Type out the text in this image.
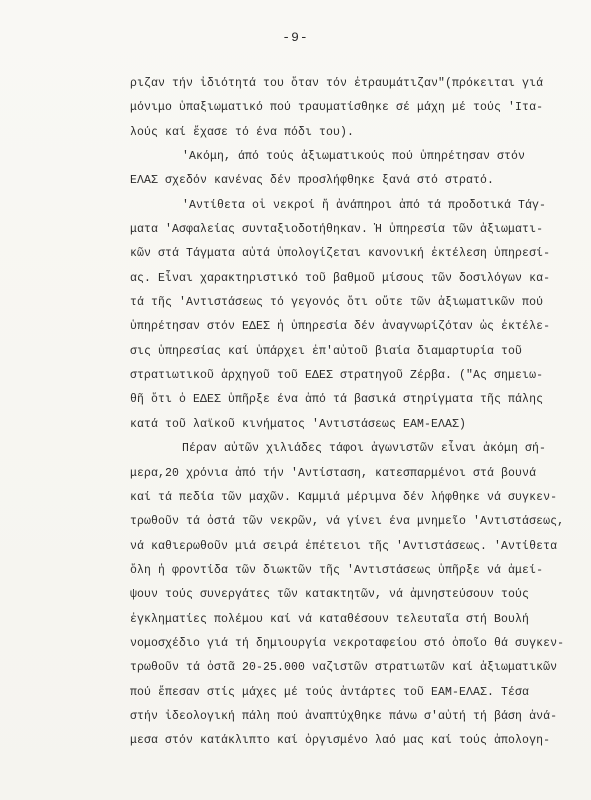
-9-
ριζαν τήν ἰδιότητά του ὅταν τόν ἐτραυμάτιζαν"(πρόκειται γιά
μόνιμο ὑπαξιωματικό πού τραυματίσθηκε σέ μάχη μέ τούς 'Ιτα-
λούς καί ἔχασε τό ένα πόδι του).
'Ακόμη, άπό τούς ἀξιωματικούς πού ὑπηρέτησαν στόν
ΕΛΑΣ σχεδόν κανένας δέν προσλήφθηκε ξανά στό στρατό.
'Αντίθετα οἱ νεκροί ἤ ἀνάπηροι ἀπό τά προδοτικά Τάγ-
ματα 'Ασφαλείας συνταξιοδοτήθηκαν. Ἡ ὑπηρεσία τῶν ἀξιωματι-
κῶν στά Τάγματα αὐτά ὑπολογίζεται κανονική ἐκτέλεση ὑπηρεσί-
ας. Εἶναι χαρακτηριστικό τοῦ βαθμοῦ μίσους τῶν δοσιλόγων κα-
τά τῆς 'Αντιστάσεως τό γεγονός ὅτι οὔτε τῶν ἀξιωματικῶν πού
ὑπηρέτησαν στόν ΕΔΕΣ ἡ ὑπηρεσία δέν ἀναγνωρίζόταν ὡς ἐκτέλε-
σις ὑπηρεσίας καί ὑπάρχει ἐπ'αὐτοῦ βιαία διαμαρτυρία τοῦ
στρατιωτικοῦ ἀρχηγοῦ τοῦ ΕΔΕΣ στρατηγοῦ Ζέρβα. ("Ας σημειω-
θῆ ὅτι ὁ ΕΔΕΣ ὑπῆρξε ένα ἀπό τά βασικά στηρίγματα τῆς πάλης
κατά τοῦ λαϊκοῦ κινήματος 'Αντιστάσεως ΕΑΜ-ΕΛΑΣ)
Πέραν αὐτῶν χιλιάδες τάφοι ἀγωνιστῶν εἶναι ἀκόμη σή-
μερα,20 χρόνια ἀπό τήν 'Αντίσταση, κατεσπαρμένοι στά βουνά
καί τά πεδία τῶν μαχῶν. Καμμιά μέριμνα δέν λήφθηκε νά συγκεν-
τρωθοῦν τά ὀστά τῶν νεκρῶν, νά γίνει ένα μνημεῖο 'Αντιστάσεως,
νά καθιερωθοῦν μιά σειρά ἐπέτειοι τῆς 'Αντιστάσεως. 'Αντίθετα
ὅλη ἡ φροντίδα τῶν διωκτῶν τῆς 'Αντιστάσεως ὑπῆρξε νά ἀμεί-
ψουν τούς συνεργάτες τῶν κατακτητῶν, νά ἀμνηστεύσουν τούς
ἐγκληματίες πολέμου καί νά καταθέσουν τελευταῖα στή Βουλή
νομοσχέδιο γιά τή δημιουργία νεκροταφείου στό ὁποῖο θά συγκεν-
τρωθοῦν τά ὀστᾶ 20-25.000 ναζιστῶν στρατιωτῶν καί ἀξιωματικῶν
πού ἔπεσαν στίς μάχες μέ τούς ἀντάρτες τοῦ ΕΑΜ-ΕΛΑΣ. Τέσα
στήν ἰδεολογική πάλη πού ἀναπτύχθηκε πάνω σ'αὐτή τή βάση ἀνά-
μεσα στόν κατάκλιπτο καί ὀργισμένο λαό μας καί τούς ἀπολογη-
